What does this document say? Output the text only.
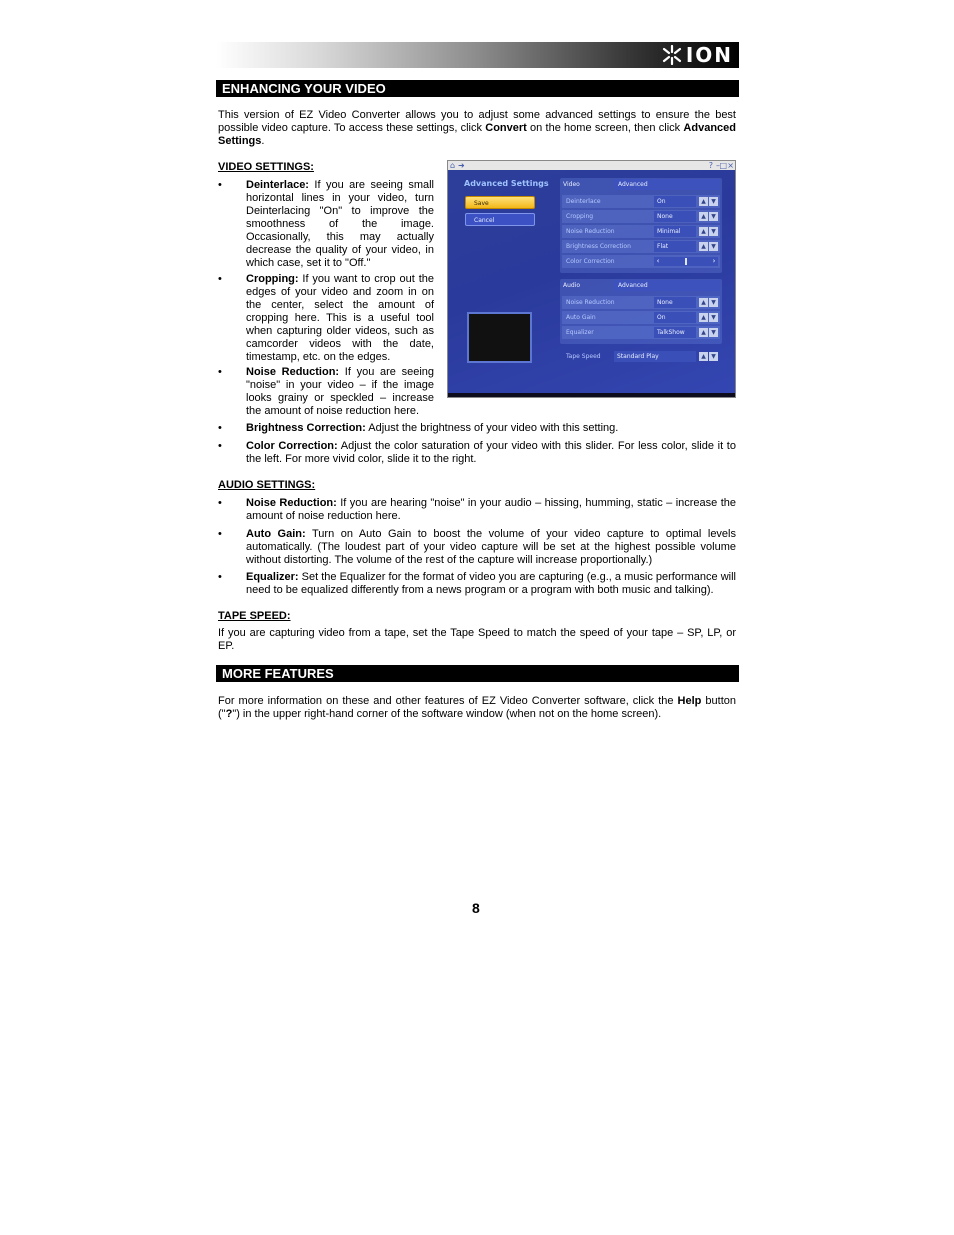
ION
ENHANCING YOUR VIDEO

This version of EZ Video Converter allows you to adjust some advanced settings to ensure the best possible video capture. To access these settings, click Convert on the home screen, then click Advanced Settings.

VIDEO SETTINGS:
• Deinterlace: If you are seeing small horizontal lines in your video, turn Deinterlacing "On" to improve the smoothness of the image. Occasionally, this may actually decrease the quality of your video, in which case, set it to "Off."
• Cropping: If you want to crop out the edges of your video and zoom in on the center, select the amount of cropping here. This is a useful tool when capturing older videos, such as camcorder videos with the date, timestamp, etc. on the edges.
• Noise Reduction: If you are seeing "noise" in your video – if the image looks grainy or speckled – increase the amount of noise reduction here.
• Brightness Correction: Adjust the brightness of your video with this setting.
• Color Correction: Adjust the color saturation of your video with this slider. For less color, slide it to the left. For more vivid color, slide it to the right.
AUDIO SETTINGS:
• Noise Reduction: If you are hearing "noise" in your audio – hissing, humming, static – increase the amount of noise reduction here.
• Auto Gain: Turn on Auto Gain to boost the volume of your video capture to optimal levels automatically. (The loudest part of your video capture will be set at the highest possible volume without distorting. The volume of the rest of the capture will increase proportionally.)
• Equalizer: Set the Equalizer for the format of video you are capturing (e.g., a music performance will need to be equalized differently from a news program or a program with both music and talking).
TAPE SPEED:

If you are capturing video from a tape, set the Tape Speed to match the speed of your tape – SP, LP, or EP.

MORE FEATURES

For more information on these and other features of EZ Video Converter software, click the Help button ("?") in the upper right-hand corner of the software window (when not on the home screen).

8
⌂ ➜	? – □ ×
Advanced Settings
Save
Cancel
Video	Advanced
Deinterlace	On	▲ ▼
Cropping	None	▲ ▼
Noise Reduction	Minimal	▲ ▼
Brightness Correction	Flat	▲ ▼
Color Correction	‹	›
Audio	Advanced
Noise Reduction	None	▲ ▼
Auto Gain	On	▲ ▼
Equalizer	TalkShow	▲ ▼
Tape Speed	Standard Play	▲ ▼
